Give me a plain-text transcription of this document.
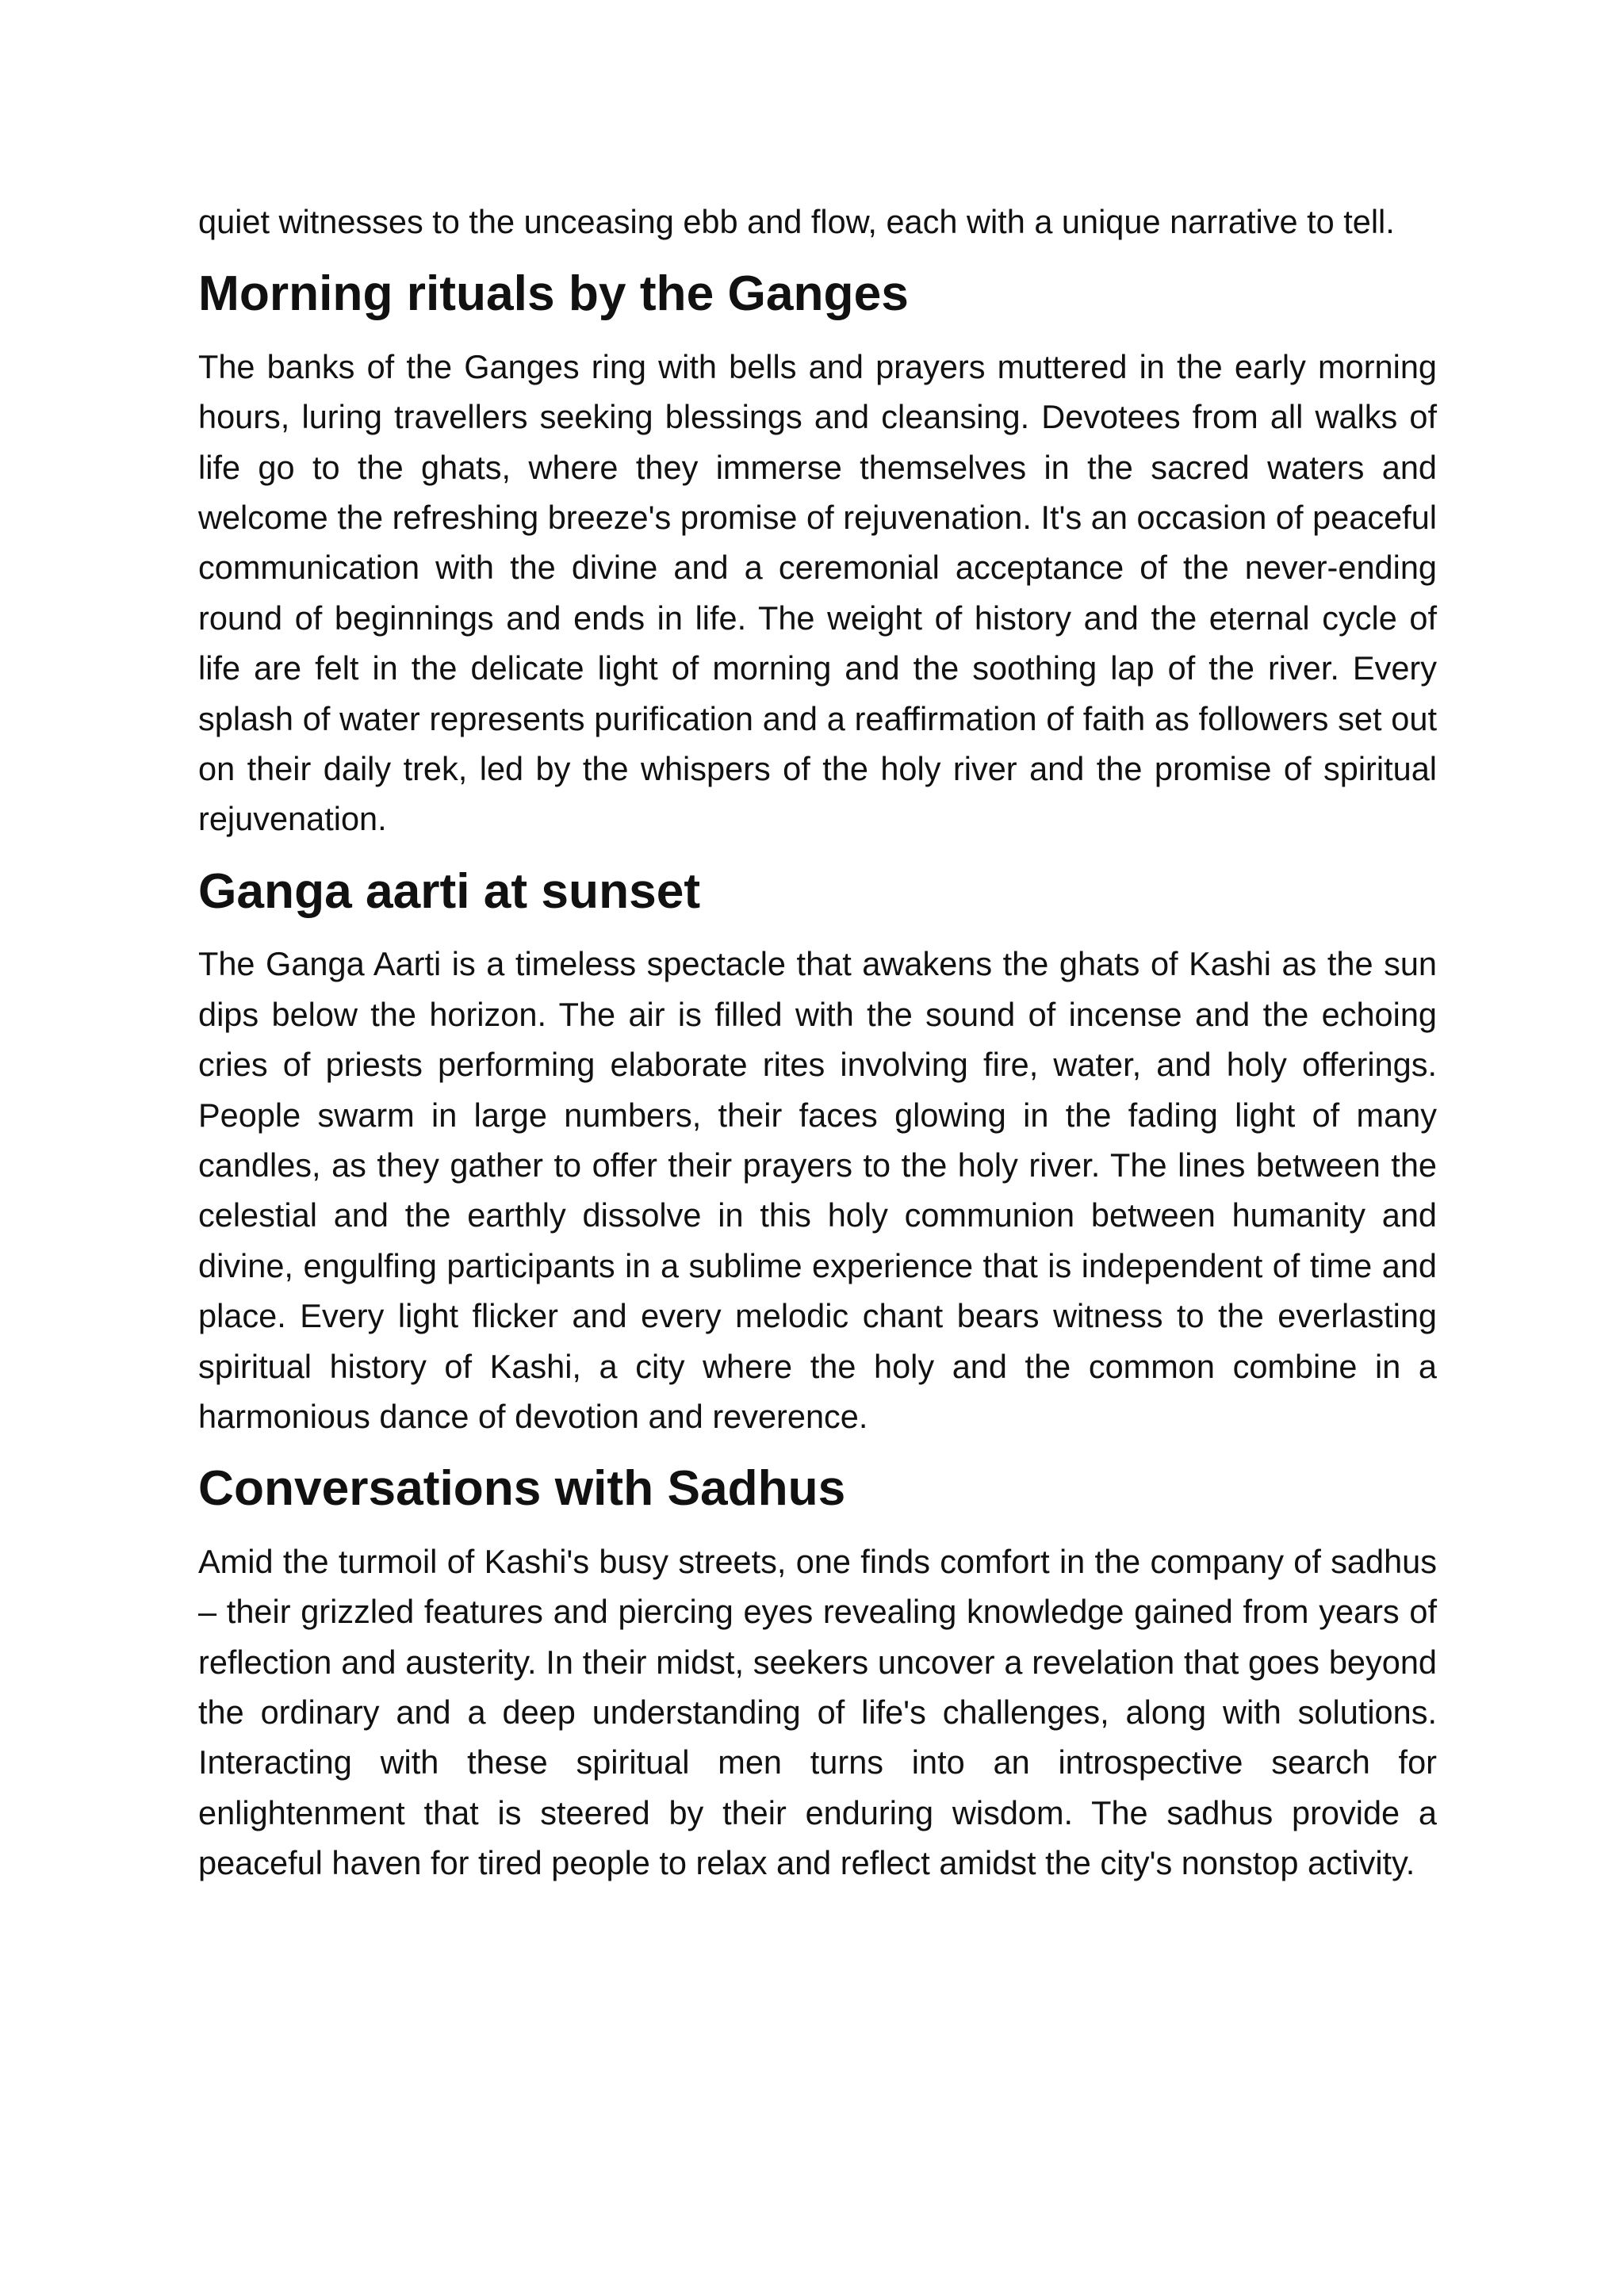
quiet witnesses to the unceasing ebb and flow, each with a unique narrative to tell.

Morning rituals by the Ganges

The banks of the Ganges ring with bells and prayers muttered in the early morning hours, luring travellers seeking blessings and cleansing. Devotees from all walks of life go to the ghats, where they immerse themselves in the sacred waters and welcome the refreshing breeze's promise of rejuvenation. It's an occasion of peaceful communication with the divine and a ceremonial acceptance of the never-ending round of beginnings and ends in life. The weight of history and the eternal cycle of life are felt in the delicate light of morning and the soothing lap of the river. Every splash of water represents purification and a reaffirmation of faith as followers set out on their daily trek, led by the whispers of the holy river and the promise of spiritual rejuvenation.

Ganga aarti at sunset

The Ganga Aarti is a timeless spectacle that awakens the ghats of Kashi as the sun dips below the horizon. The air is filled with the sound of incense and the echoing cries of priests performing elaborate rites involving fire, water, and holy offerings. People swarm in large numbers, their faces glowing in the fading light of many candles, as they gather to offer their prayers to the holy river. The lines between the celestial and the earthly dissolve in this holy communion between humanity and divine, engulfing participants in a sublime experience that is independent of time and place. Every light flicker and every melodic chant bears witness to the everlasting spiritual history of Kashi, a city where the holy and the common combine in a harmonious dance of devotion and reverence.

Conversations with Sadhus

Amid the turmoil of Kashi's busy streets, one finds comfort in the company of sadhus – their grizzled features and piercing eyes revealing knowledge gained from years of reflection and austerity. In their midst, seekers uncover a revelation that goes beyond the ordinary and a deep understanding of life's challenges, along with solutions. Interacting with these spiritual men turns into an introspective search for enlightenment that is steered by their enduring wisdom. The sadhus provide a peaceful haven for tired people to relax and reflect amidst the city's nonstop activity.
